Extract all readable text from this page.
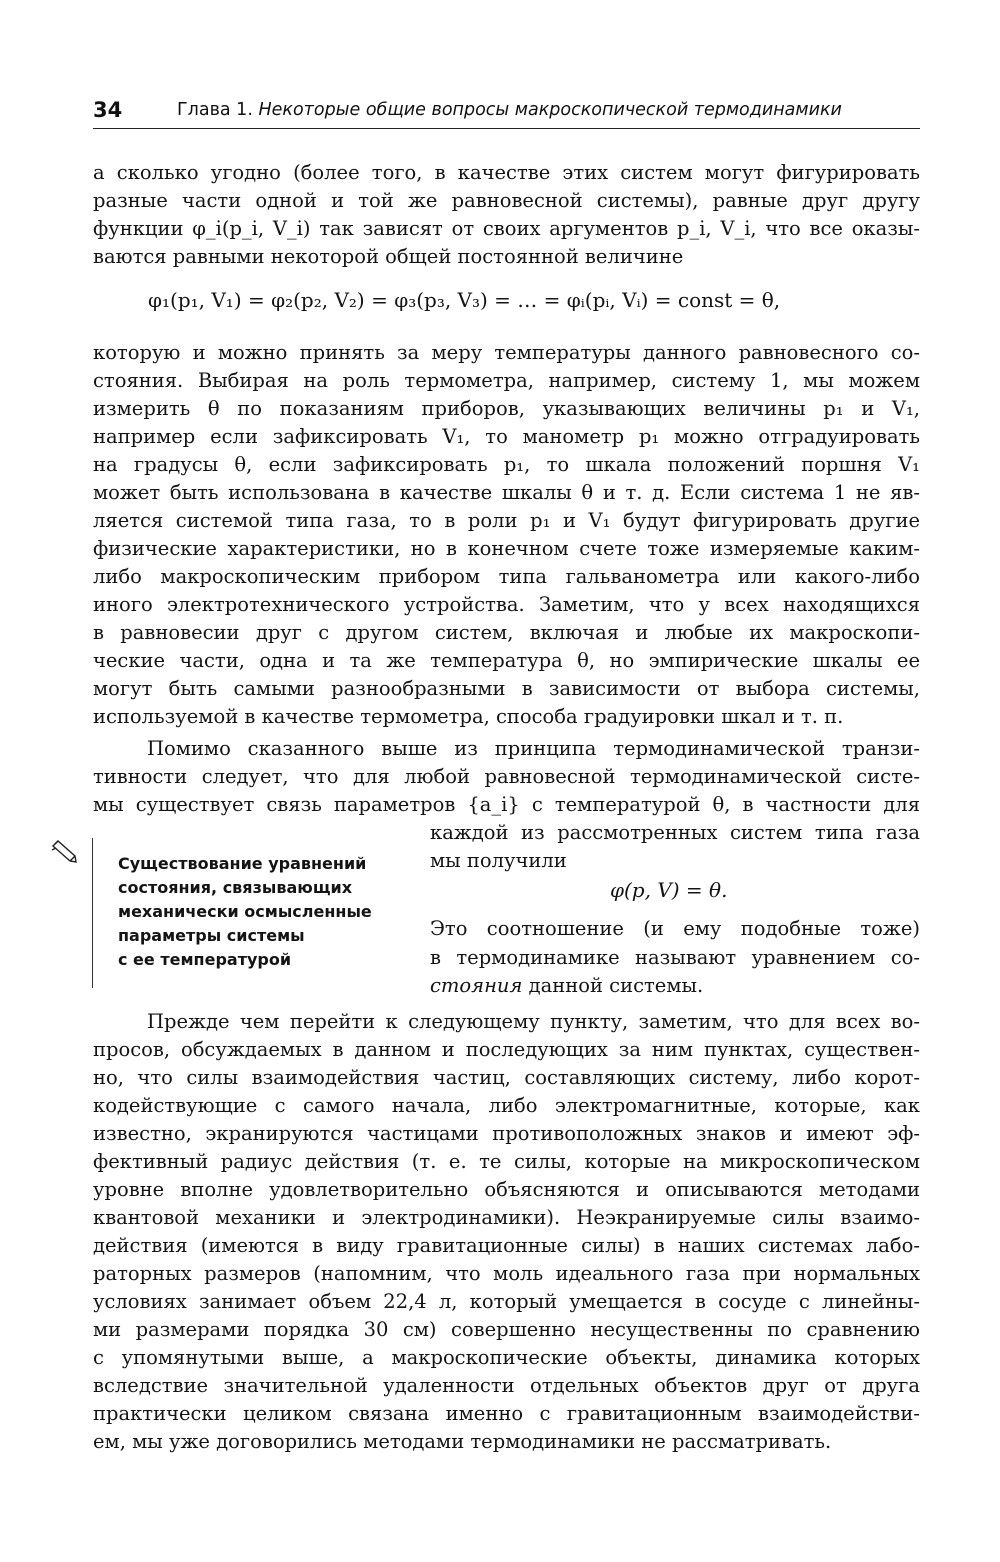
34	Глава 1. Некоторые общие вопросы макроскопической термодинамики
а сколько угодно (более того, в качестве этих систем могут фигурировать
разные части одной и той же равновесной системы), равные друг другу
функции φ_i(p_i, V_i) так зависят от своих аргументов p_i, V_i, что все оказы-
ваются равными некоторой общей постоянной величине
φ₁(p₁, V₁) = φ₂(p₂, V₂) = φ₃(p₃, V₃) = … = φᵢ(pᵢ, Vᵢ) = const = θ,
которую и можно принять за меру температуры данного равновесного со-
стояния. Выбирая на роль термометра, например, систему 1, мы можем
измерить θ по показаниям приборов, указывающих величины p₁ и V₁,
например если зафиксировать V₁, то манометр p₁ можно отградуировать
на градусы θ, если зафиксировать p₁, то шкала положений поршня V₁
может быть использована в качестве шкалы θ и т. д. Если система 1 не яв-
ляется системой типа газа, то в роли p₁ и V₁ будут фигурировать другие
физические характеристики, но в конечном счете тоже измеряемые каким-
либо макроскопическим прибором типа гальванометра или какого-либо
иного электротехнического устройства. Заметим, что у всех находящихся
в равновесии друг с другом систем, включая и любые их макроскопи-
ческие части, одна и та же температура θ, но эмпирические шкалы ее
могут быть самыми разнообразными в зависимости от выбора системы,
используемой в качестве термометра, способа градуировки шкал и т. п.
Помимо сказанного выше из принципа термодинамической транзи-
тивности следует, что для любой равновесной термодинамической систе-
мы существует связь параметров {a_i} с температурой θ, в частности для
каждой из рассмотренных систем типа газа
мы получили
φ(p, V) = θ.
Это соотношение (и ему подобные тоже)
в термодинамике называют уравнением со-
стояния данной системы.
Существование уравнений
состояния, связывающих
механически осмысленные
параметры системы
с ее температурой
Прежде чем перейти к следующему пункту, заметим, что для всех во-
просов, обсуждаемых в данном и последующих за ним пунктах, существен-
но, что силы взаимодействия частиц, составляющих систему, либо корот-
кодействующие с самого начала, либо электромагнитные, которые, как
известно, экранируются частицами противоположных знаков и имеют эф-
фективный радиус действия (т. е. те силы, которые на микроскопическом
уровне вполне удовлетворительно объясняются и описываются методами
квантовой механики и электродинамики). Неэкранируемые силы взаимо-
действия (имеются в виду гравитационные силы) в наших системах лабо-
раторных размеров (напомним, что моль идеального газа при нормальных
условиях занимает объем 22,4 л, который умещается в сосуде с линейны-
ми размерами порядка 30 см) совершенно несущественны по сравнению
с упомянутыми выше, а макроскопические объекты, динамика которых
вследствие значительной удаленности отдельных объектов друг от друга
практически целиком связана именно с гравитационным взаимодействи-
ем, мы уже договорились методами термодинамики не рассматривать.
